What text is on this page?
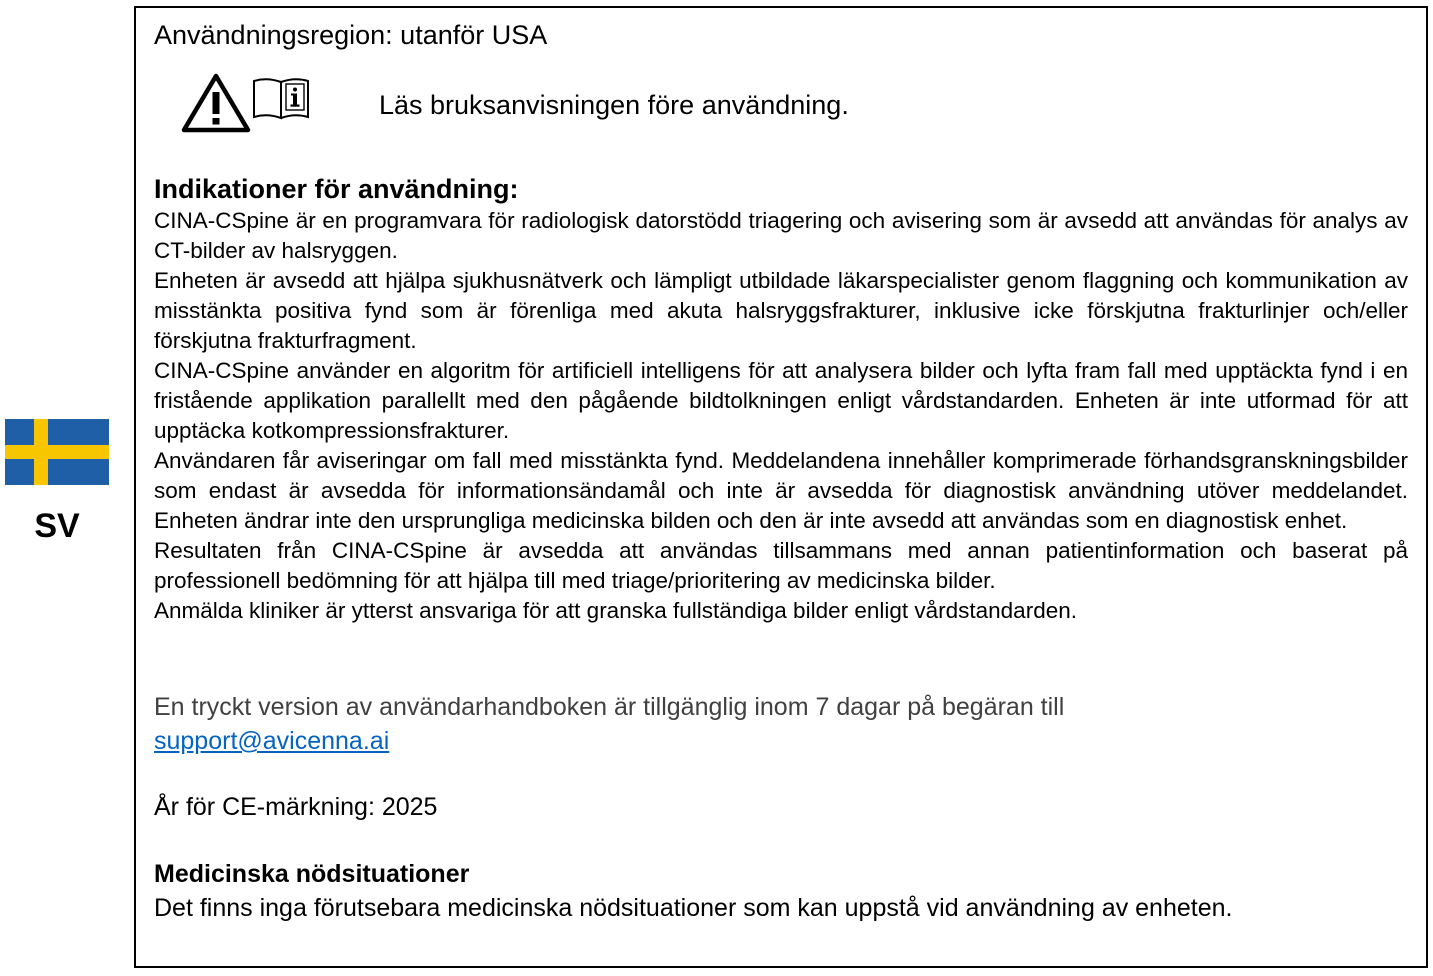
SV
Användningsregion: utanför USA
Läs bruksanvisningen före användning.
Indikationer för användning:

CINA-CSpine är en programvara för radiologisk datorstödd triagering och avisering som är avsedd att användas för analys av CT-bilder av halsryggen.

Enheten är avsedd att hjälpa sjukhusnätverk och lämpligt utbildade läkarspecialister genom flaggning och kommunikation av misstänkta positiva fynd som är förenliga med akuta halsryggsfrakturer, inklusive icke förskjutna frakturlinjer och/eller förskjutna frakturfragment.

CINA-CSpine använder en algoritm för artificiell intelligens för att analysera bilder och lyfta fram fall med upptäckta fynd i en fristående applikation parallellt med den pågående bildtolkningen enligt vårdstandarden. Enheten är inte utformad för att upptäcka kotkompressionsfrakturer.

Användaren får aviseringar om fall med misstänkta fynd. Meddelandena innehåller komprimerade förhandsgranskningsbilder som endast är avsedda för informationsändamål och inte är avsedda för diagnostisk användning utöver meddelandet. Enheten ändrar inte den ursprungliga medicinska bilden och den är inte avsedd att användas som en diagnostisk enhet.

Resultaten från CINA-CSpine är avsedda att användas tillsammans med annan patientinformation och baserat på professionell bedömning för att hjälpa till med triage/prioritering av medicinska bilder.

Anmälda kliniker är ytterst ansvariga för att granska fullständiga bilder enligt vårdstandarden.

En tryckt version av användarhandboken är tillgänglig inom 7 dagar på begäran till
support@avicenna.ai
År för CE-märkning: 2025
Medicinska nödsituationer
Det finns inga förutsebara medicinska nödsituationer som kan uppstå vid användning av enheten.
